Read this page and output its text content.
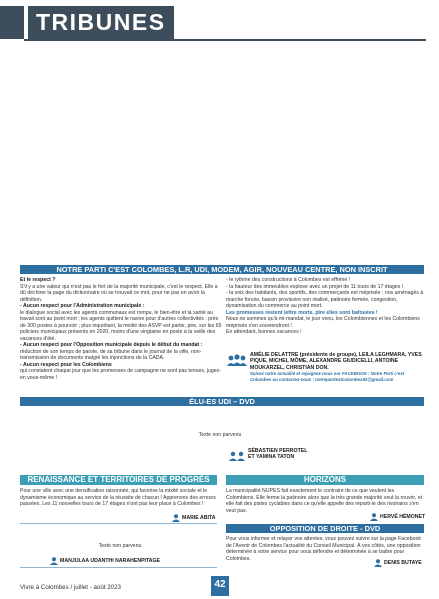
TRIBUNES
NOTRE PARTI C'EST COLOMBES, L.R, UDI, MODEM, AGIR, NOUVEAU CENTRE, NON INSCRIT

Et le respect ?

S'il y a une valeur qui n'est pas le fort de la majorité municipale, c'est le respect. Elle a dû déchirer la page du dictionnaire où se trouvait ce mot, pour ne pas en avoir la définition.

- Aucun respect pour l'Administration municipale :

le dialogue social avec les agents communaux est rompu, le bien-être et la santé au travail sont au point mort ; les agents quittent le navire pour d'autres collectivités : près de 300 postes à pourvoir ; plus inquiétant, la moitié des ASVP est partie, pire, sur les 65 policiers municipaux présents en 2020, moins d'une vingtaine en poste à la veille des vacances d'été.

- Aucun respect pour l'Opposition municipale depuis le début du mandat :

réduction de son temps de parole, de sa tribune dans le journal de la ville, non-transmission de documents malgré les injonctions de la CADA.

- Aucun respect pour les Colombiens

qui constatent chaque jour que les promesses de campagne ne sont pas tenues, jugez-en vous-même !

- le rythme des constructions à Colombes est effréné !

- la hauteur des immeubles explose avec un projet de 11 tours de 17 étages !

- la voix des habitants, des sportifs, des commerçants est méprisée ; nos aménagés à marche forcée, bassin provisoire non réalisé, patinoire fermée, congestion, dynamisation du commerce au point mort.

Les promesses restent lettre morte, pire elles sont bafouées !

Nous ne sommes qu'à mi-mandat, le jour venu, les Colombiennes et les Colombiens méprisés s'en souviendront !

En attendant, bonnes vacances !

AMÉLIE DELATTRE (présidente de groupe), LEILA LEGHMARA, YVES PIQUE, MICHEL MÔME, ALEXANDRE GIUDICELLI, ANTOINE MOUKARZEL, CHRISTIAN DON.
Suivez notre actualité et rejoignez-nous sur FACEBOOK : Notre Parti c'est
Colombes ou contactez-nous : notrepartiestcolombes92@gmail.com
ÉLU-ES UDI – DVD
Texte non parvenu
SÉBASTIEN PERROTEL
ET YAMINA TATON
RENAISSANCE ET TERRITOIRES DE PROGRÈS
Pour une ville avec une densification raisonnée, qui favorise la mixité sociale et le dynamisme économique au service de la réussite de chacun ! Apprenons des erreurs passées. Les 11 nouvelles tours de 17 étages n'ont pas leur place à Colombes !
MARIE ABITA
HORIZONS
La municipalité NUPES fait exactement le contraire de ce que veulent les Colombiens. Elle ferme la patinoire alors que la très grande majorité veut la rouvrir, et elle fait des pistes cyclables dans ce qu'elle appelle des réparti-le des rivoirains s'en veut pas.
HERVÉ HÉMONET
Texte non parvenu
MANJULAA UDANTHI NARAHENPITAGE
OPPOSITION DE DROITE - DVD
Pour vous informer et relayer vos attentes, vous pouvez suivre sur la page Facebook de l'Avenir de Colombes l'actualité du Conseil Municipal. À vos côtés, une opposition déterminée à votre service pour vous défendre et déterminée à se battre pour Colombes.
DENIS BUTAYE
Vivre à Colombes / juillet - août 2023	42
